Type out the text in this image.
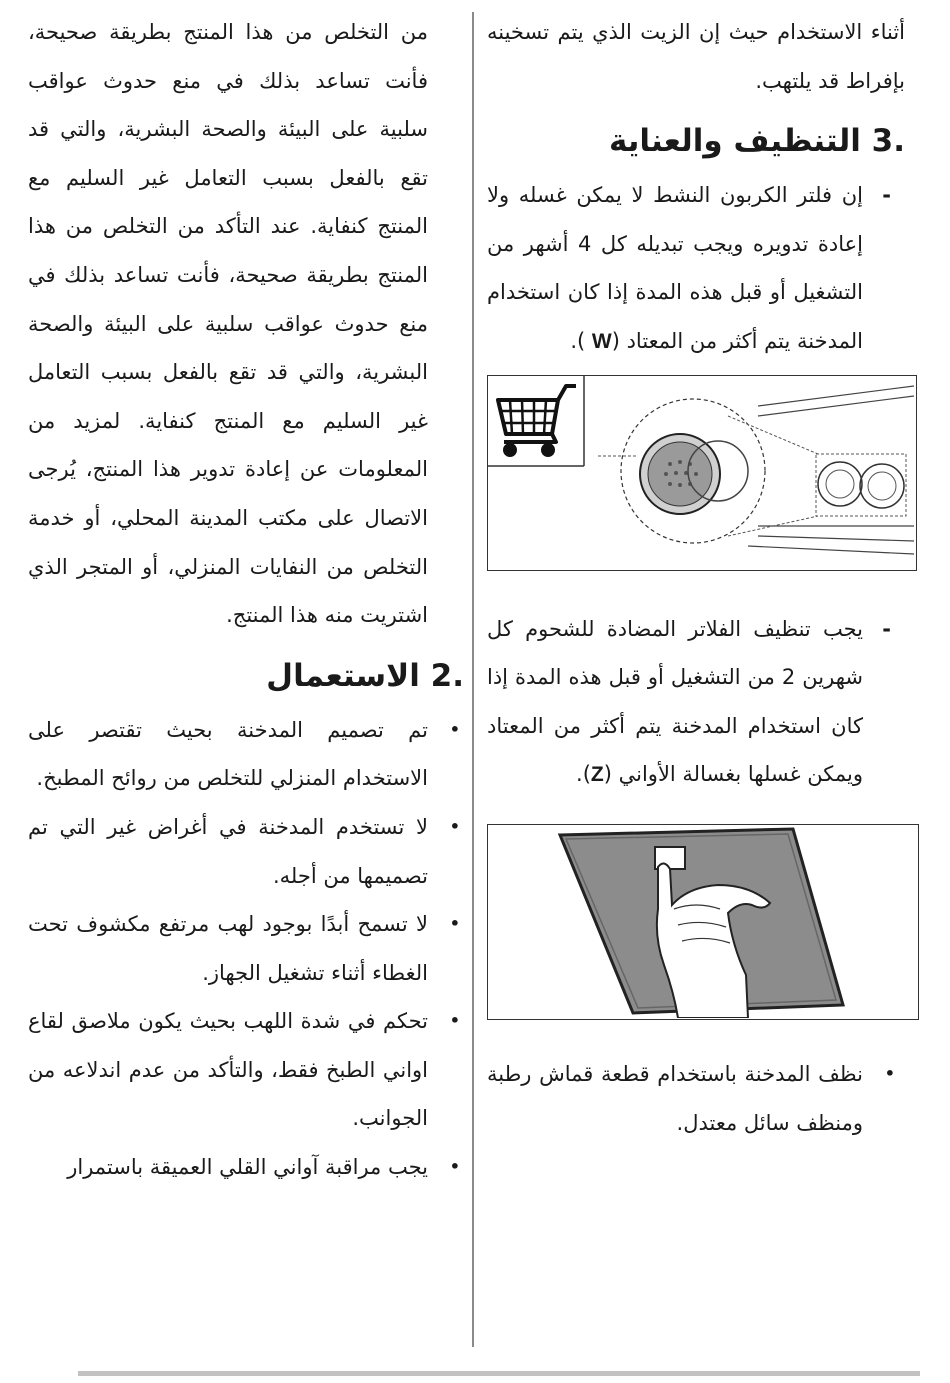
أثناء الاستخدام حيث إن الزيت الذي يتم تسخينه بإفراط قد يلتهب.

3. التنظيف والعناية
-
إن فلتر الكربون النشط لا يمكن غسله ولا إعادة تدويره ويجب تبديله كل 4 أشهر من التشغيل أو قبل هذه المدة إذا كان استخدام المدخنة يتم أكثر من المعتاد (W ).
-
يجب تنظيف الفلاتر المضادة للشحوم كل شهرين 2 من التشغيل أو قبل هذه المدة إذا كان استخدام المدخنة يتم أكثر من المعتاد ويمكن غسلها بغسالة الأواني (Z).
•
نظف المدخنة باستخدام قطعة قماش رطبة ومنظف سائل معتدل.

من التخلص من هذا المنتج بطريقة صحيحة، فأنت تساعد بذلك في منع حدوث عواقب سلبية على البيئة والصحة البشرية، والتي قد تقع بالفعل بسبب التعامل غير السليم مع المنتج كنفاية. عند التأكد من التخلص من هذا المنتج بطريقة صحيحة، فأنت تساعد بذلك في منع حدوث عواقب سلبية على البيئة والصحة البشرية، والتي قد تقع بالفعل بسبب التعامل غير السليم مع المنتج كنفاية. لمزيد من المعلومات عن إعادة تدوير هذا المنتج، يُرجى الاتصال على مكتب المدينة المحلي، أو خدمة التخلص من النفايات المنزلي، أو المتجر الذي اشتريت منه هذا المنتج.

2. الاستعمال
•
تم تصميم المدخنة بحيث تقتصر على الاستخدام المنزلي للتخلص من روائح المطبخ.
•
لا تستخدم المدخنة في أغراض غير التي تم تصميمها من أجله.
•
لا تسمح أبدًا بوجود لهب مرتفع مكشوف تحت الغطاء أثناء تشغيل الجهاز.
•
تحكم في شدة اللهب بحيث يكون ملاصق لقاع اواني الطبخ فقط، والتأكد من عدم اندلاعه من الجوانب.
•
يجب مراقبة آواني القلي العميقة باستمرار
